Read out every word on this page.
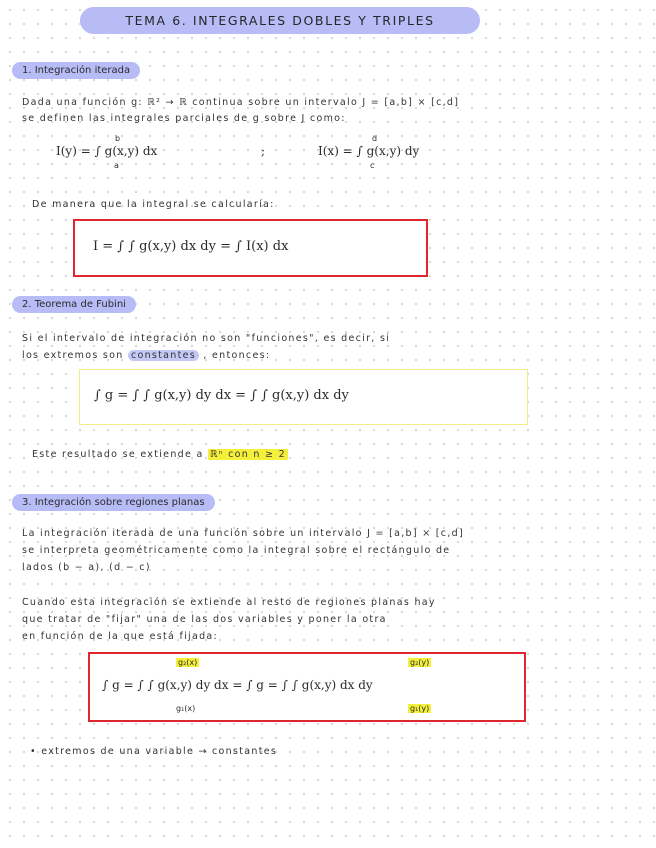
TEMA 6. INTEGRALES DOBLES Y TRIPLES
1. Integración iterada
Dada una función g: ℝ² → ℝ continua sobre un intervalo J = [a,b] × [c,d]
se definen las integrales parciales de g sobre J como:
I(y) = ∫ g(x,y) dx
b
a
;	I(x) = ∫ g(x,y) dy
d
c
De manera que la integral se calcularía:
I = ∫ ∫ g(x,y) dx dy = ∫ I(x) dx
2. Teorema de Fubini
Si el intervalo de integración no son "funciones", es decir, si
los extremos son constantes , entonces:
∫ g = ∫ ∫ g(x,y) dy dx = ∫ ∫ g(x,y) dx dy
Este resultado se extiende a ℝⁿ con n ≥ 2
3. Integración sobre regiones planas
La integración iterada de una función sobre un intervalo J = [a,b] × [c,d]
se interpreta geométricamente como la integral sobre el rectángulo de
lados (b − a), (d − c)
Cuando esta integración se extiende al resto de regiones planas hay
que tratar de "fijar" una de las dos variables y poner la otra
en función de la que está fijada:
∫ g = ∫ ∫ g(x,y) dy dx = ∫ g = ∫ ∫ g(x,y) dx dy
g₂(x)
g₁(x)
g₂(y)
g₁(y)
• extremos de una variable → constantes
